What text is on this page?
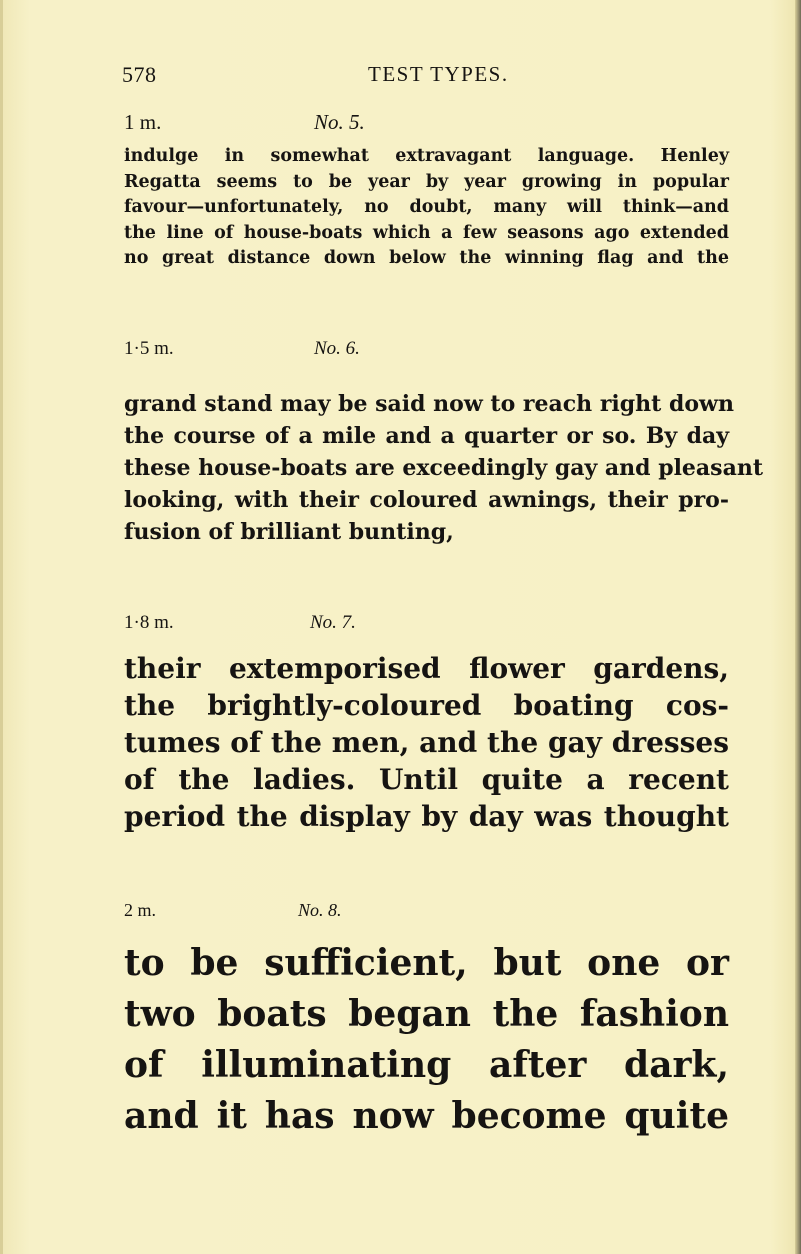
578	TEST TYPES.
1 m.	No. 5.
indulge in somewhat extravagant language. Henley
Regatta seems to be year by year growing in popular
favour—unfortunately, no doubt, many will think—and
the line of house-boats which a few seasons ago extended
no great distance down below the winning flag and the
1·5 m.	No. 6.
grand stand may be said now to reach right down
the course of a mile and a quarter or so. By day
these house-boats are exceedingly gay and pleasant
looking, with their coloured awnings, their pro-
fusion of brilliant bunting,
1·8 m.	No. 7.
their extemporised flower gardens,
the brightly-coloured boating cos-
tumes of the men, and the gay dresses
of the ladies. Until quite a recent
period the display by day was thought
2 m.	No. 8.
to be sufficient, but one or
two boats began the fashion
of illuminating after dark,
and it has now become quite
